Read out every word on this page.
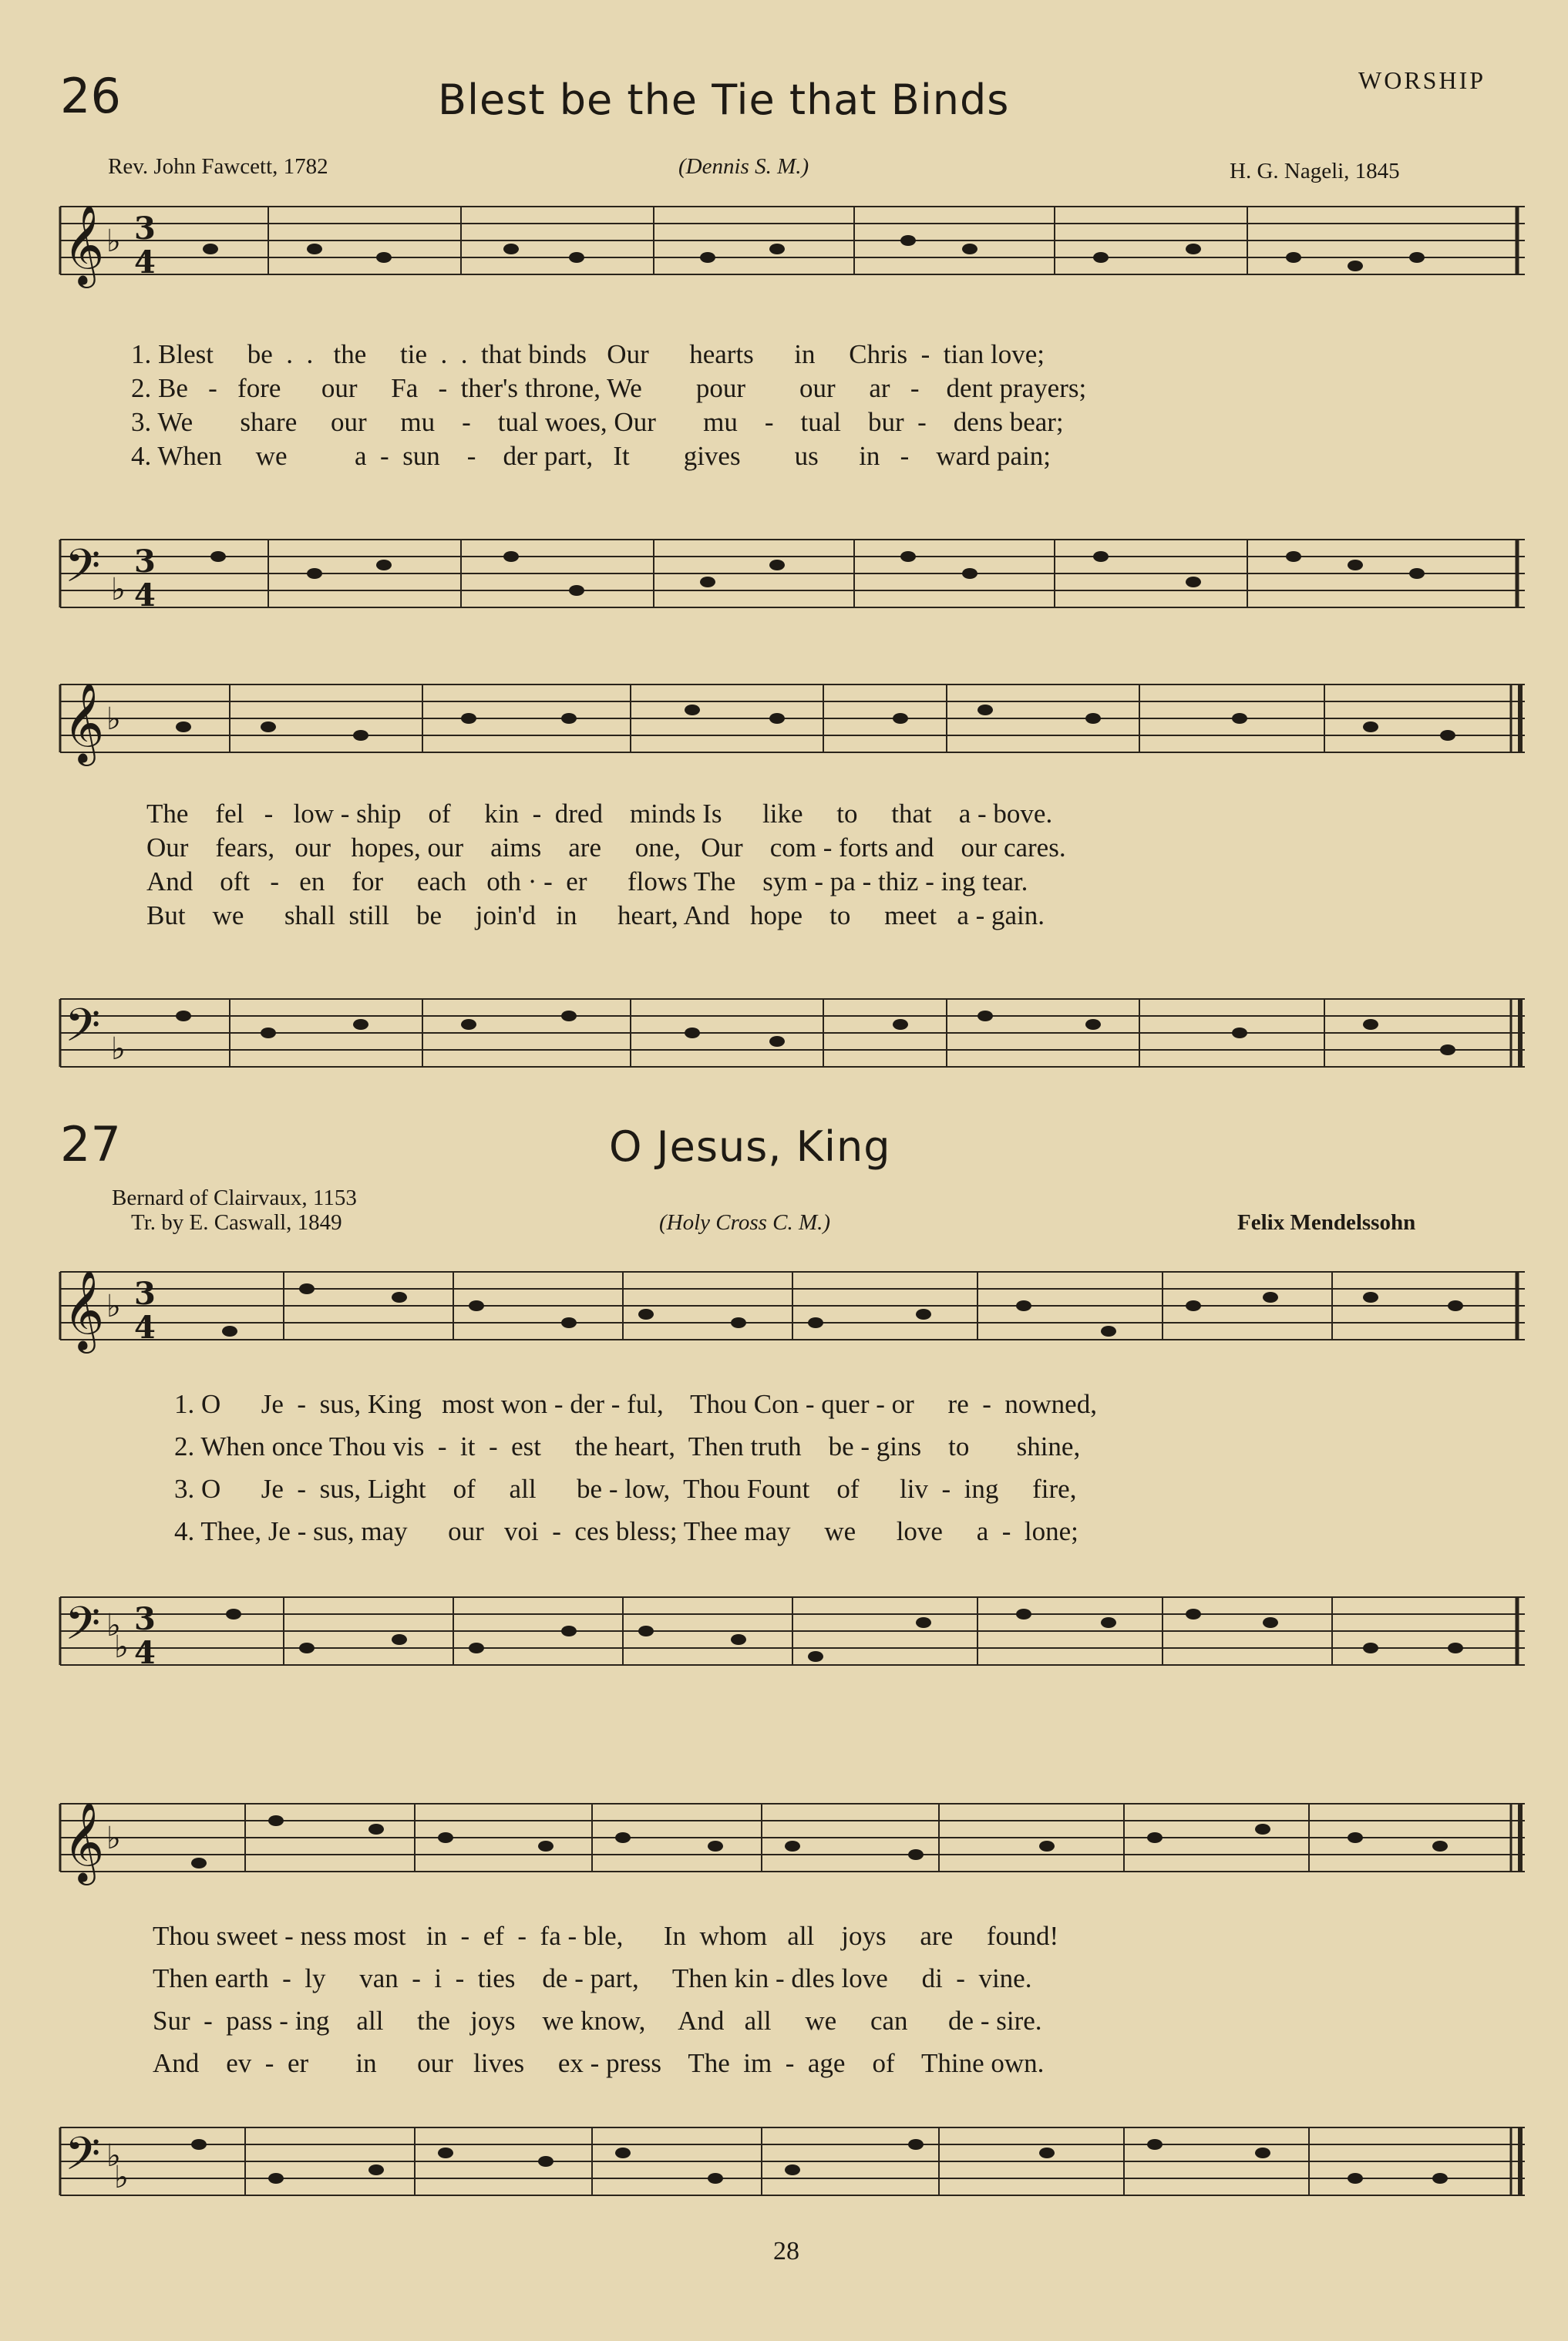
WORSHIP
26	Blest be the Tie that Binds
Rev. John Fawcett, 1782	(Dennis S. M.)	H. G. Nageli, 1845
𝄞 ♭ 3
4
1. Blest     be  .  .   the     tie  .  .  that binds   Our      hearts      in     Chris  -  tian love;
2. Be   -   fore      our     Fa   -  ther's throne, We        pour        our     ar   -    dent prayers;
3. We       share     our     mu    -    tual woes, Our       mu    -    tual    bur  -    dens bear;
4. When     we          a  -  sun    -    der part,   It        gives        us      in   -    ward pain;
𝄢 ♭
3
4
𝄞 ♭
The    fel   -   low - ship    of     kin  -  dred    minds Is      like     to     that    a - bove.
Our    fears,   our   hopes, our    aims    are     one,   Our    com - forts and    our cares.
And    oft   -   en    for     each   oth · -  er      flows The    sym - pa - thiz - ing tear.
But    we      shall  still    be     join'd   in      heart, And   hope    to     meet   a - gain.
𝄢 ♭
27	O Jesus, King
Bernard of Clairvaux, 1153
Tr. by E. Caswall, 1849	(Holy Cross C. M.)	Felix Mendelssohn
𝄞 ♭ 3
4
1. O      Je  -  sus, King   most won - der - ful,    Thou Con - quer - or     re  -  nowned,
2. When once Thou vis  -  it  -  est     the heart,  Then truth    be - gins    to       shine,
3. O      Je  -  sus, Light    of     all      be - low,  Thou Fount    of      liv  -  ing     fire,
4. Thee, Je - sus, may      our   voi  -  ces bless; Thee may     we      love     a  -  lone;
𝄢 ♭
♭
3
4
𝄞 ♭
Thou sweet - ness most   in  -  ef  -  fa - ble,      In  whom   all    joys     are     found!
Then earth  -  ly     van  -  i  -  ties    de - part,     Then kin - dles love     di  -  vine.
Sur  -  pass - ing    all     the   joys    we know,     And   all     we     can      de - sire.
And    ev  -  er       in      our   lives     ex - press    The  im  -  age    of    Thine own.
𝄢 ♭
♭
28
